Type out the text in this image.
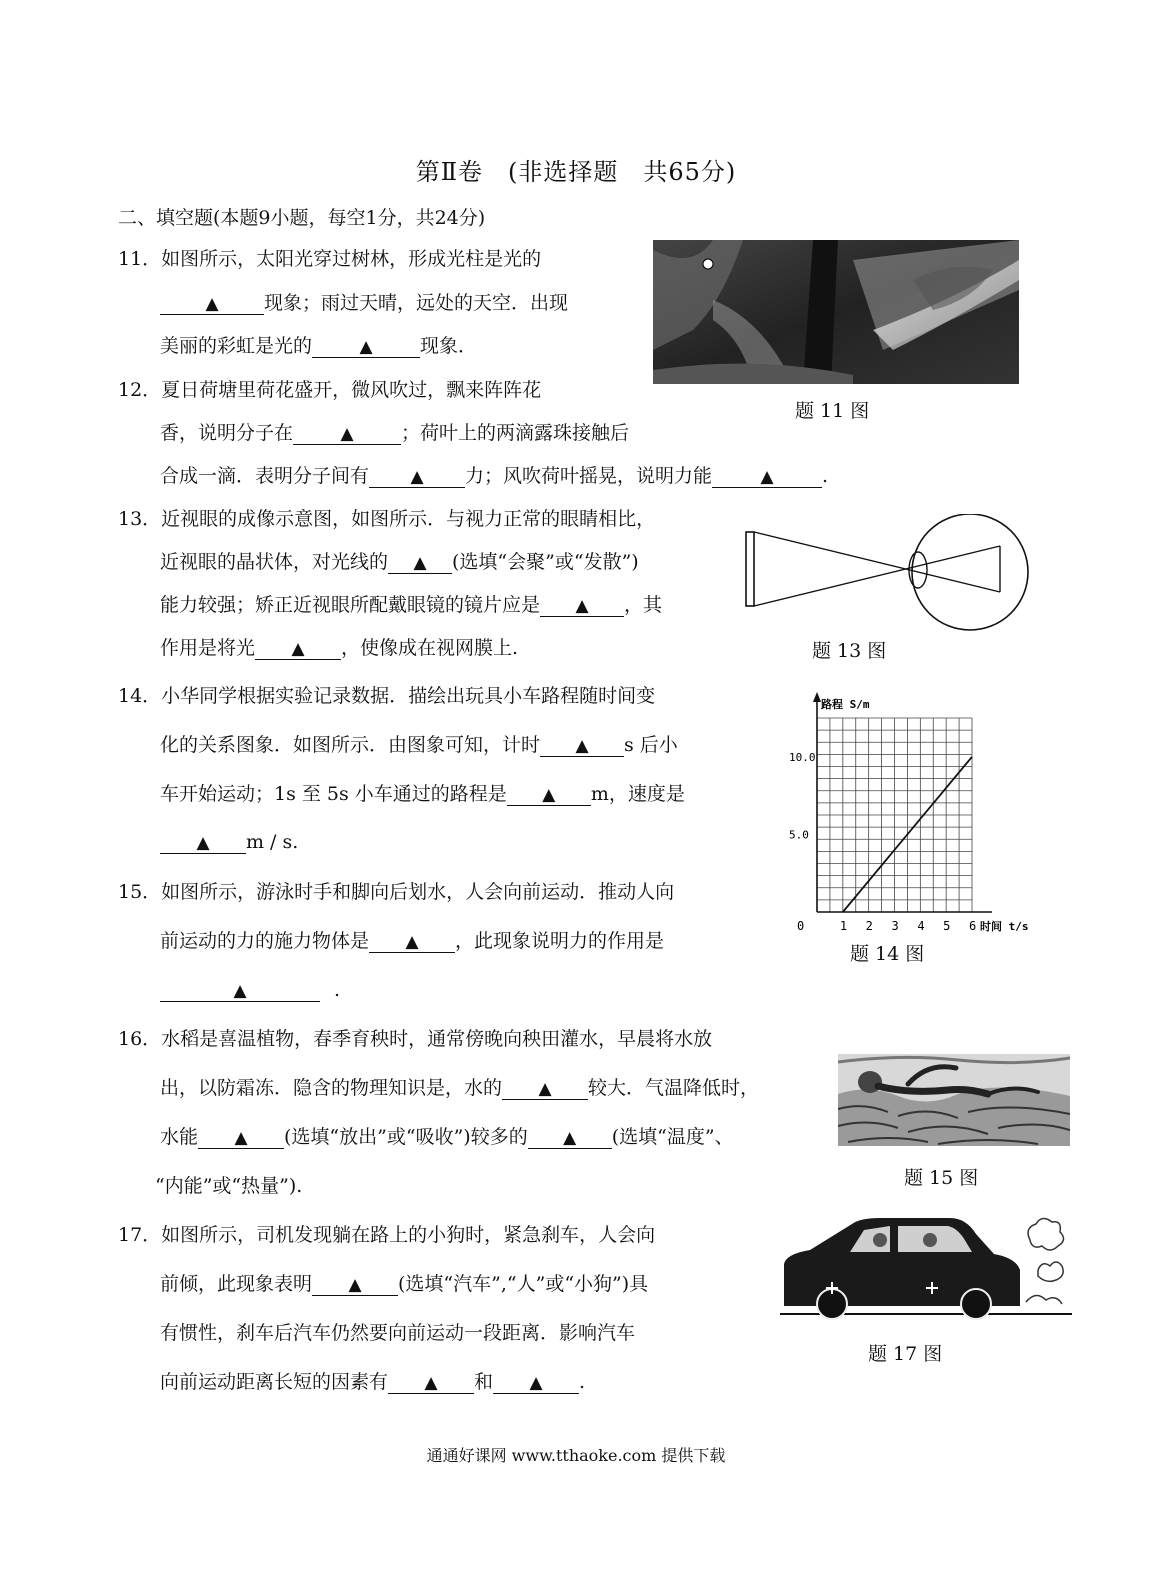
第Ⅱ卷　(非选择题　共65分)
二、填空题(本题9小题，每空1分，共24分)
11．如图所示，太阳光穿过树林，形成光柱是光的
▲ 现象；雨过天晴，远处的天空．出现
美丽的彩虹是光的	▲ 现象．
12．夏日荷塘里荷花盛开，微风吹过，飘来阵阵花
香，说明分子在	▲ ；荷叶上的两滴露珠接触后
合成一滴．表明分子间有 ▲ 力；风吹荷叶摇晃，说明力能	▲	.
13．近视眼的成像示意图，如图所示．与视力正常的眼睛相比，
近视眼的晶状体，对光线的 ▲ (选填“会聚”或“发散”)
能力较强；矫正近视眼所配戴眼镜的镜片应是 ▲ ，其
作用是将光 ▲ ，使像成在视网膜上.
14．小华同学根据实验记录数据．描绘出玩具小车路程随时间变
化的关系图象．如图所示．由图象可知，计时 ▲ s 后小
车开始运动；1s 至 5s 小车通过的路程是 ▲ m，速度是
▲ m / s.
15．如图所示，游泳时手和脚向后划水，人会向前运动．推动人向
前运动的力的施力物体是 ▲ ，此现象说明力的作用是
▲	.
16．水稻是喜温植物，春季育秧时，通常傍晚向秧田灌水，早晨将水放
出，以防霜冻．隐含的物理知识是，水的 ▲ 较大．气温降低时，
水能 ▲ (选填“放出”或“吸收”)较多的 ▲ (选填“温度”、
“内能”或“热量”).
17．如图所示，司机发现躺在路上的小狗时，紧急刹车，人会向
前倾，此现象表明 ▲ (选填“汽车”,“人”或“小狗”)具
有惯性，刹车后汽车仍然要向前运动一段距离．影响汽车
向前运动距离长短的因素有 ▲ 和 ▲ .
题 11 图
题 13 图
路程 S/m
时间 t/s
0	1 2 3 4 5 6
5.0
10.0
题 14 图
题 15 图
题 17 图
通通好课网 www.tthaoke.com 提供下载
